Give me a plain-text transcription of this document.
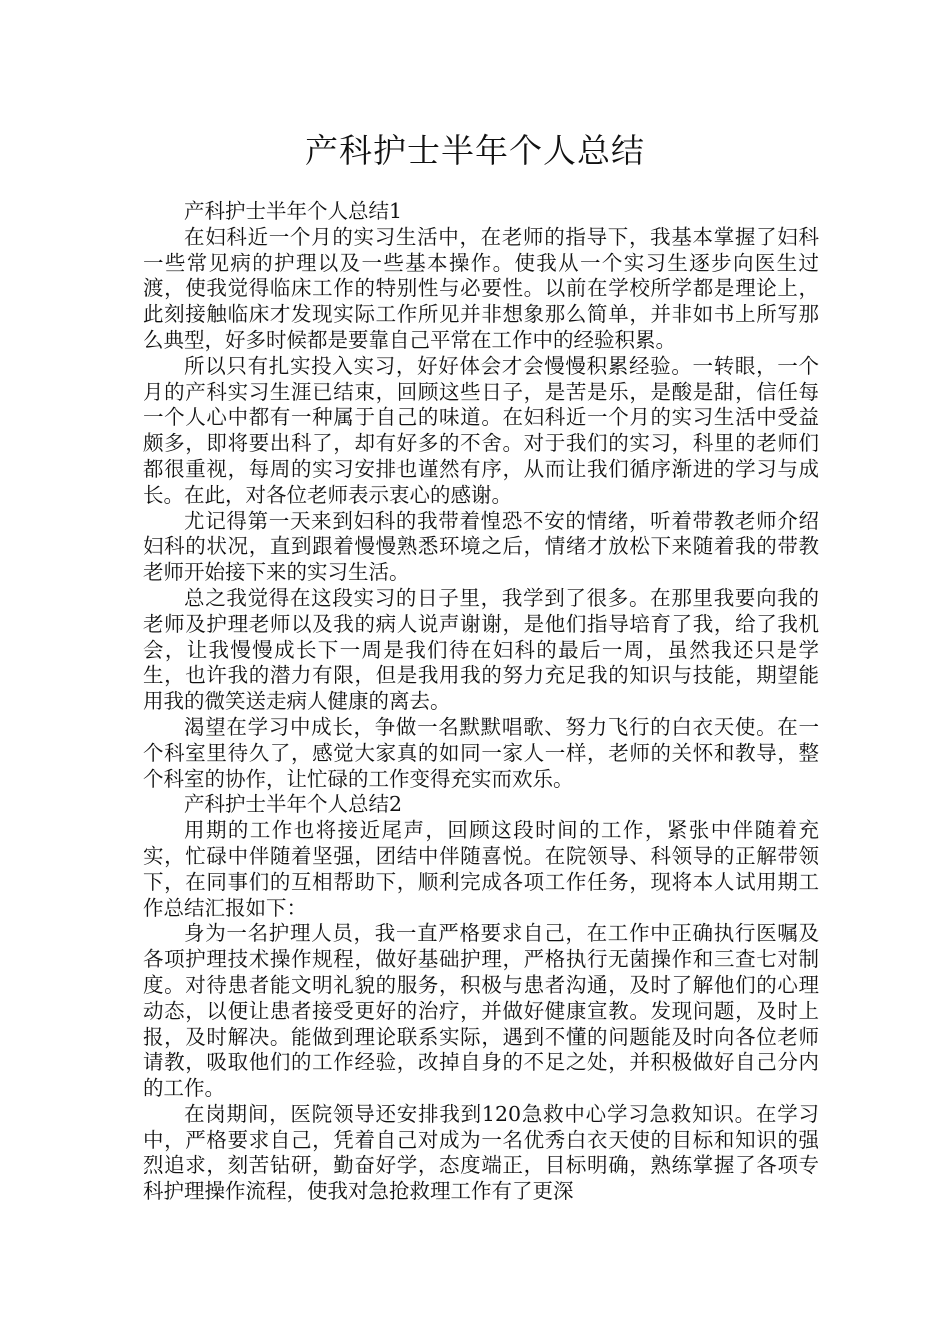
产科护士半年个人总结

产科护士半年个人总结1

在妇科近一个月的实习生活中，在老师的指导下，我基本掌握了妇科一些常见病的护理以及一些基本操作。使我从一个实习生逐步向医生过渡，使我觉得临床工作的特别性与必要性。以前在学校所学都是理论上，此刻接触临床才发现实际工作所见并非想象那么简单，并非如书上所写那么典型，好多时候都是要靠自己平常在工作中的经验积累。

所以只有扎实投入实习，好好体会才会慢慢积累经验。一转眼，一个月的产科实习生涯已结束，回顾这些日子，是苦是乐，是酸是甜，信任每一个人心中都有一种属于自己的味道。在妇科近一个月的实习生活中受益颇多，即将要出科了，却有好多的不舍。对于我们的实习，科里的老师们都很重视，每周的实习安排也谨然有序，从而让我们循序渐进的学习与成长。在此，对各位老师表示衷心的感谢。

尤记得第一天来到妇科的我带着惶恐不安的情绪，听着带教老师介绍妇科的状况，直到跟着慢慢熟悉环境之后，情绪才放松下来随着我的带教老师开始接下来的实习生活。

总之我觉得在这段实习的日子里，我学到了很多。在那里我要向我的老师及护理老师以及我的病人说声谢谢，是他们指导培育了我，给了我机会，让我慢慢成长下一周是我们待在妇科的最后一周，虽然我还只是学生，也许我的潜力有限，但是我用我的努力充足我的知识与技能，期望能用我的微笑送走病人健康的离去。

渴望在学习中成长，争做一名默默唱歌、努力飞行的白衣天使。在一个科室里待久了，感觉大家真的如同一家人一样，老师的关怀和教导，整个科室的协作，让忙碌的工作变得充实而欢乐。

产科护士半年个人总结2

用期的工作也将接近尾声，回顾这段时间的工作，紧张中伴随着充实，忙碌中伴随着坚强，团结中伴随喜悦。在院领导、科领导的正解带领下，在同事们的互相帮助下，顺利完成各项工作任务，现将本人试用期工作总结汇报如下：

身为一名护理人员，我一直严格要求自己，在工作中正确执行医嘱及各项护理技术操作规程，做好基础护理，严格执行无菌操作和三查七对制度。对待患者能文明礼貌的服务，积极与患者沟通，及时了解他们的心理动态，以便让患者接受更好的治疗，并做好健康宣教。发现问题，及时上报，及时解决。能做到理论联系实际，遇到不懂的问题能及时向各位老师请教，吸取他们的工作经验，改掉自身的不足之处，并积极做好自己分内的工作。

在岗期间，医院领导还安排我到120急救中心学习急救知识。在学习中，严格要求自己，凭着自己对成为一名优秀白衣天使的目标和知识的强烈追求，刻苦钻研，勤奋好学，态度端正，目标明确，熟练掌握了各项专科护理操作流程，使我对急抢救理工作有了更深
